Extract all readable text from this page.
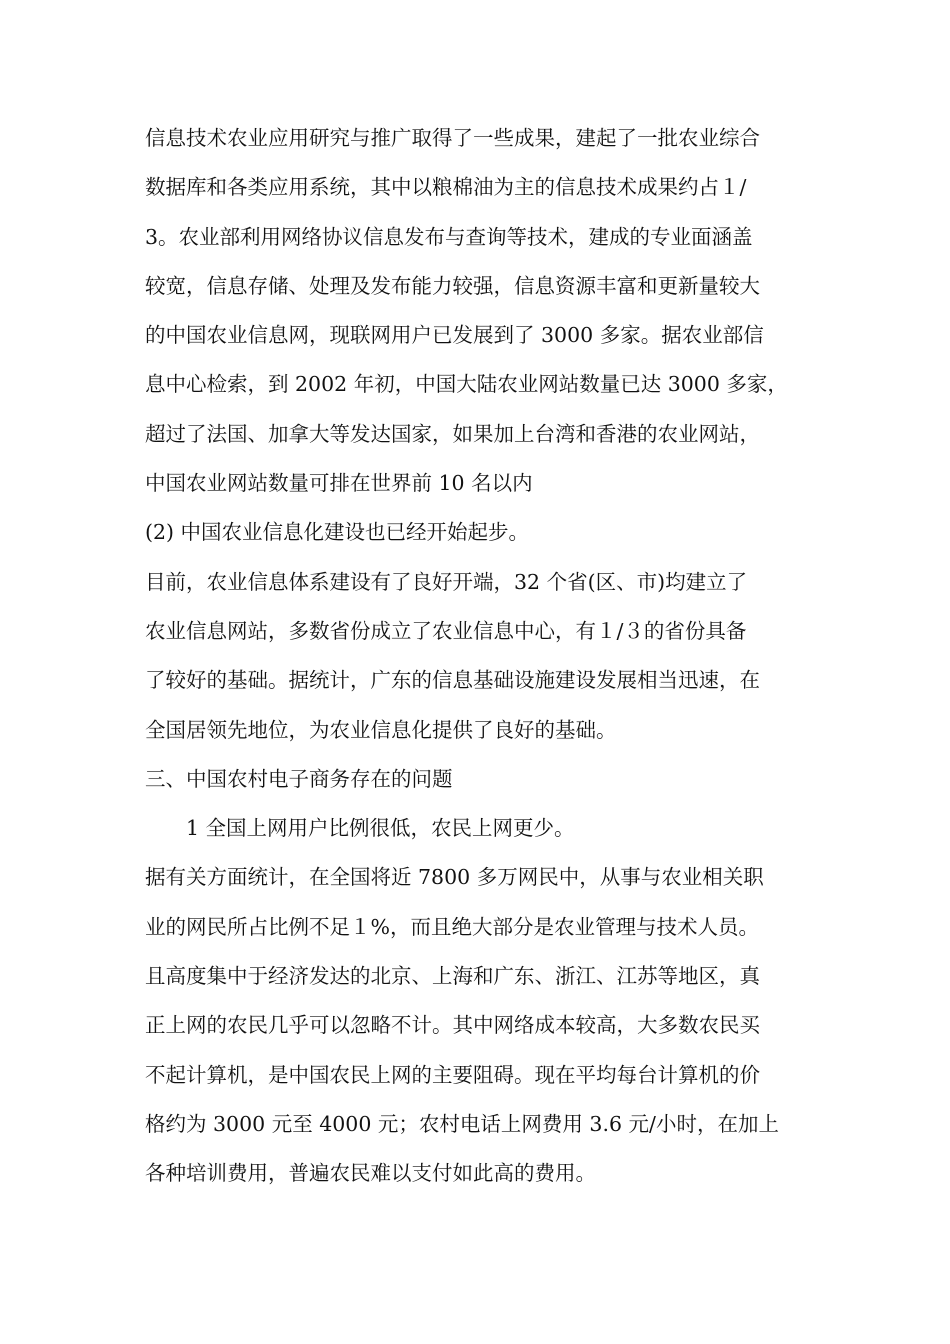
信息技术农业应用研究与推广取得了一些成果，建起了一批农业综合
数据库和各类应用系统，其中以粮棉油为主的信息技术成果约占１/
3。农业部利用网络协议信息发布与查询等技术，建成的专业面涵盖
较宽，信息存储、处理及发布能力较强，信息资源丰富和更新量较大
的中国农业信息网，现联网用户已发展到了 3000 多家。据农业部信
息中心检索，到 2002 年初，中国大陆农业网站数量已达 3000 多家，
超过了法国、加拿大等发达国家，如果加上台湾和香港的农业网站，
中国农业网站数量可排在世界前 10 名以内
(2) 中国农业信息化建设也已经开始起步。
目前，农业信息体系建设有了良好开端，32 个省(区、市)均建立了
农业信息网站，多数省份成立了农业信息中心，有１/３的省份具备
了较好的基础。据统计，广东的信息基础设施建设发展相当迅速，在
全国居领先地位，为农业信息化提供了良好的基础。
三、中国农村电子商务存在的问题
1 全国上网用户比例很低，农民上网更少。
据有关方面统计，在全国将近 7800 多万网民中，从事与农业相关职
业的网民所占比例不足１%，而且绝大部分是农业管理与技术人员。
且高度集中于经济发达的北京、上海和广东、浙江、江苏等地区，真
正上网的农民几乎可以忽略不计。其中网络成本较高，大多数农民买
不起计算机，是中国农民上网的主要阻碍。现在平均每台计算机的价
格约为 3000 元至 4000 元；农村电话上网费用 3.6 元/小时，在加上
各种培训费用，普遍农民难以支付如此高的费用。
